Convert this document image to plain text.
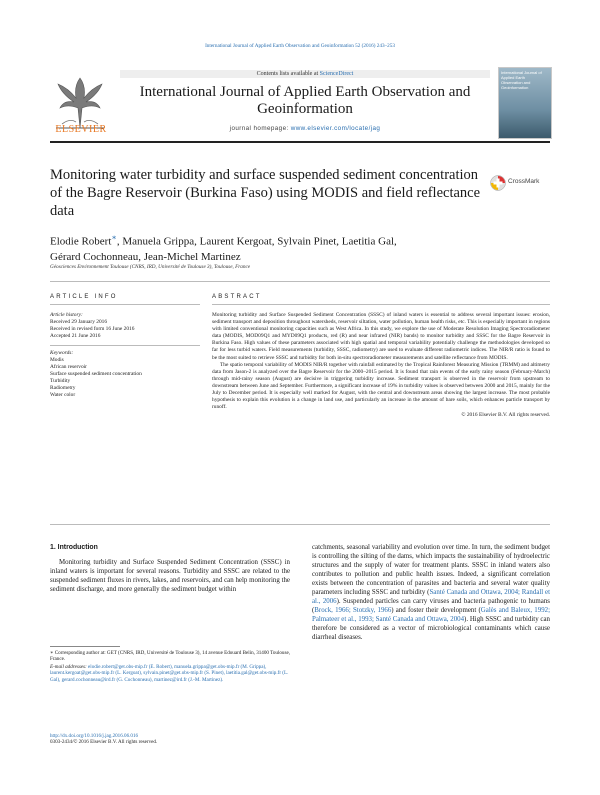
International Journal of Applied Earth Observation and Geoinformation 52 (2016) 243–253
ELSEVIER
Contents lists available at ScienceDirect
International Journal of Applied Earth Observation and Geoinformation
journal homepage: www.elsevier.com/locate/jag
International Journal of Applied Earth Observation and Geoinformation
Monitoring water turbidity and surface suspended sediment concentration of the Bagre Reservoir (Burkina Faso) using MODIS and field reflectance data
CrossMark
Elodie Robert∗, Manuela Grippa, Laurent Kergoat, Sylvain Pinet, Laetitia Gal,
Gérard Cochonneau, Jean-Michel Martinez
Géosciences Environnement Toulouse (CNRS, IRD, Université de Toulouse 3), Toulouse, France
ARTICLE INFO	ABSTRACT
Article history:
Received 29 January 2016
Received in revised form 16 June 2016
Accepted 21 June 2016
Keywords:
Modis
African reservoir
Surface suspended sediment concentration
Turbidity
Radiometry
Water color

Monitoring turbidity and Surface Suspended Sediment Concentration (SSSC) of inland waters is essential to address several important issues: erosion, sediment transport and deposition throughout watersheds, reservoir siltation, water pollution, human health risks, etc. This is especially important in regions with limited conventional monitoring capacities such as West Africa. In this study, we explore the use of Moderate Resolution Imaging Spectroradiometer data (MODIS, MOD09Q1 and MYD09Q1 products, red (R) and near infrared (NIR) bands) to monitor turbidity and SSSC for the Bagre Reservoir in Burkina Faso. High values of these parameters associated with high spatial and temporal variability potentially challenge the methodologies developed so far for less turbid waters. Field measurements (turbidity, SSSC, radiometry) are used to evaluate different radiometric indices. The NIR/R ratio is found to be the most suited to retrieve SSSC and turbidity for both in-situ spectroradiometer measurements and satellite reflectance from MODIS.

The spatio temporal variability of MODIS NIR/R together with rainfall estimated by the Tropical Rainforest Measuring Mission (TRMM) and altimetry data from Jason-2 is analyzed over the Bagre Reservoir for the 2000–2015 period. It is found that rain events of the early rainy season (February-March) through mid-rainy season (August) are decisive in triggering turbidity increase. Sediment transport is observed in the reservoir from upstream to downstream between June and September. Furthermore, a significant increase of 19% in turbidity values is observed between 2000 and 2015, mainly for the July to December period. It is especially well marked for August, with the central and downstream areas showing the largest increase. The most probable hypothesis to explain this evolution is a change in land use, and particularly an increase in the amount of bare soils, which enhances particle transport by runoff.

© 2016 Elsevier B.V. All rights reserved.
1. Introduction

Monitoring turbidity and Surface Suspended Sediment Concentration (SSSC) in inland waters is important for several reasons. Turbidity and SSSC are related to the suspended sediment fluxes in rivers, lakes, and reservoirs, and can help monitoring the sediment discharge, and more generally the sediment budget within

catchments, seasonal variability and evolution over time. In turn, the sediment budget is controlling the silting of the dams, which impacts the sustainability of hydroelectric structures and the supply of water for treatment plants. SSSC in inland waters also contributes to pollution and public health issues. Indeed, a significant correlation exists between the concentration of parasites and bacteria and several water quality parameters including SSSC and turbidity (Santé Canada and Ottawa, 2004; Randall et al., 2006). Suspended particles can carry viruses and bacteria pathogenic to humans (Brock, 1966; Stotzky, 1966) and foster their development (Galès and Baleux, 1992; Palmateer et al., 1993; Santé Canada and Ottawa, 2004). High SSSC and turbidity can therefore be considered as a vector of microbiological contaminants which cause diarrheal diseases.

∗ Corresponding author at: GET (CNRS, IRD, Université de Toulouse 3), 14 avenue Edouard Belin, 31400 Toulouse, France.

E-mail addresses: elodie.robert@get.obs-mip.fr (E. Robert), manuela.grippa@get.obs-mip.fr (M. Grippa), laurent.kergoat@get.obs-mip.fr (L. Kergoat), sylvain.pinet@get.obs-mip.fr (S. Pinet), laetitia.gal@get.obs-mip.fr (L. Gal), gerard.cochonneau@ird.fr (G. Cochonneau), martinez@ird.fr (J.-M. Martinez).

http://dx.doi.org/10.1016/j.jag.2016.06.016
0303-2434/© 2016 Elsevier B.V. All rights reserved.
